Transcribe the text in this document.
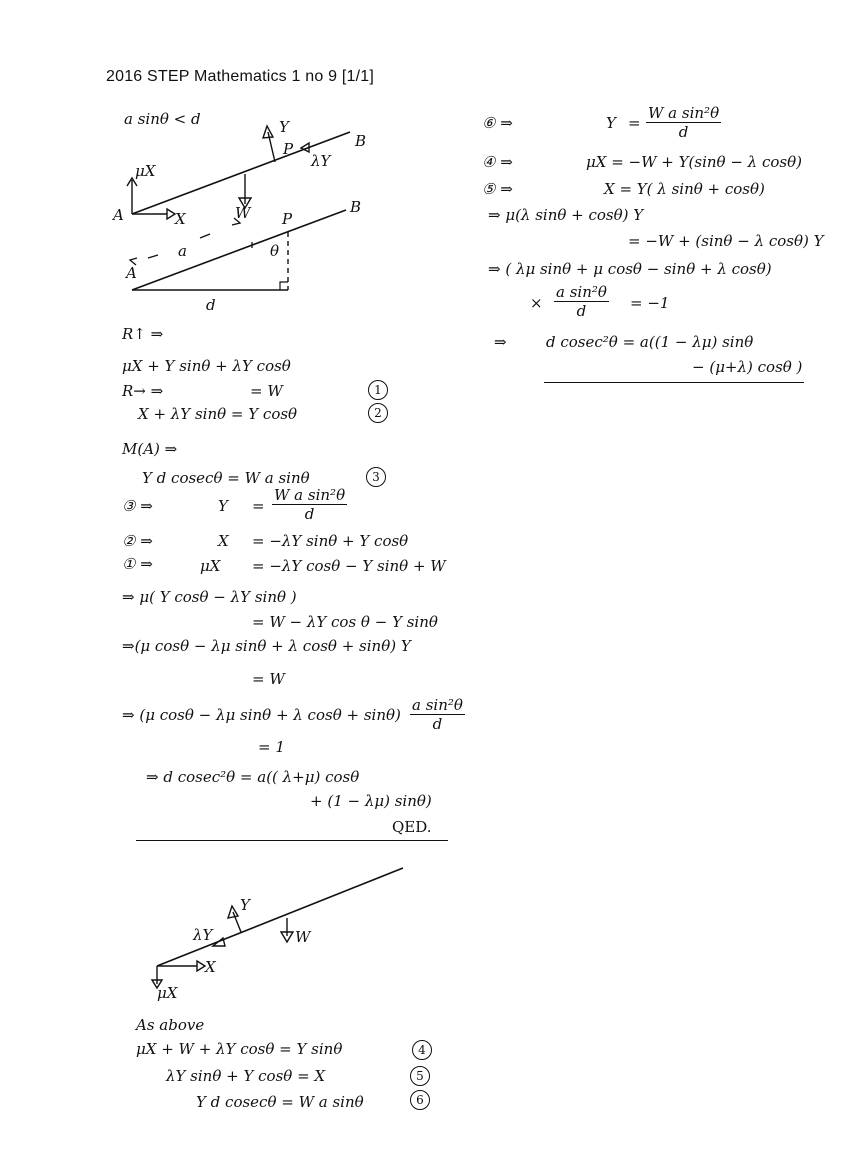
2016 STEP Mathematics 1 no 9 [1/1]
a sinθ < d
μX
A	X	W
Y
P
λY
B
A
a
P
B
θ
d
R↑ ⇒
μX + Y sinθ + λY cosθ
R→ ⇒	= W	1
X + λY sinθ = Y cosθ	2
M(A) ⇒
Y d cosecθ = W a sinθ	3
③ ⇒	$Y = \frac{\text{W a sin²θ}}{d}$
② ⇒	X = −λY sinθ + Y cosθ
① ⇒	μX = −λY cosθ − Y sinθ + W
⇒ μ( Y cosθ − λY sinθ )
= W − λY cos θ − Y sinθ
⇒(μ cosθ − λμ sinθ + λ cosθ + sinθ) Y
= W
⇒ (μ cosθ − λμ sinθ + λ $\cos\theta + \sin\theta) \frac{\text{a sin²θ}}{d}$
= 1
⇒ d cosec²θ = a(( λ+μ) cosθ
+ (1 − λμ) sinθ)
QED.
X
μX
W
Y
λY
As above
μX + W + λY cosθ = Y sinθ	4
λY sinθ + Y cosθ = X	5
Y d cosecθ = W a sinθ	6
⑥ ⇒	$Y = \frac{\text{W a sin²θ}}{d}$
④ ⇒	μX = −W + Y(sinθ − λ cosθ)
⑤ ⇒	X = Y( λ sinθ + cosθ)
⇒ μ(λ sinθ + cosθ) Y
= −W + (sinθ − λ cosθ) Y
⇒ ( λμ sinθ + μ cosθ − sinθ + λ cosθ)
× $\frac{\text{a sin²θ}}{d} = -1$
⇒	d cosec²θ = a((1 − λμ) sinθ
− (μ+λ) cosθ )
